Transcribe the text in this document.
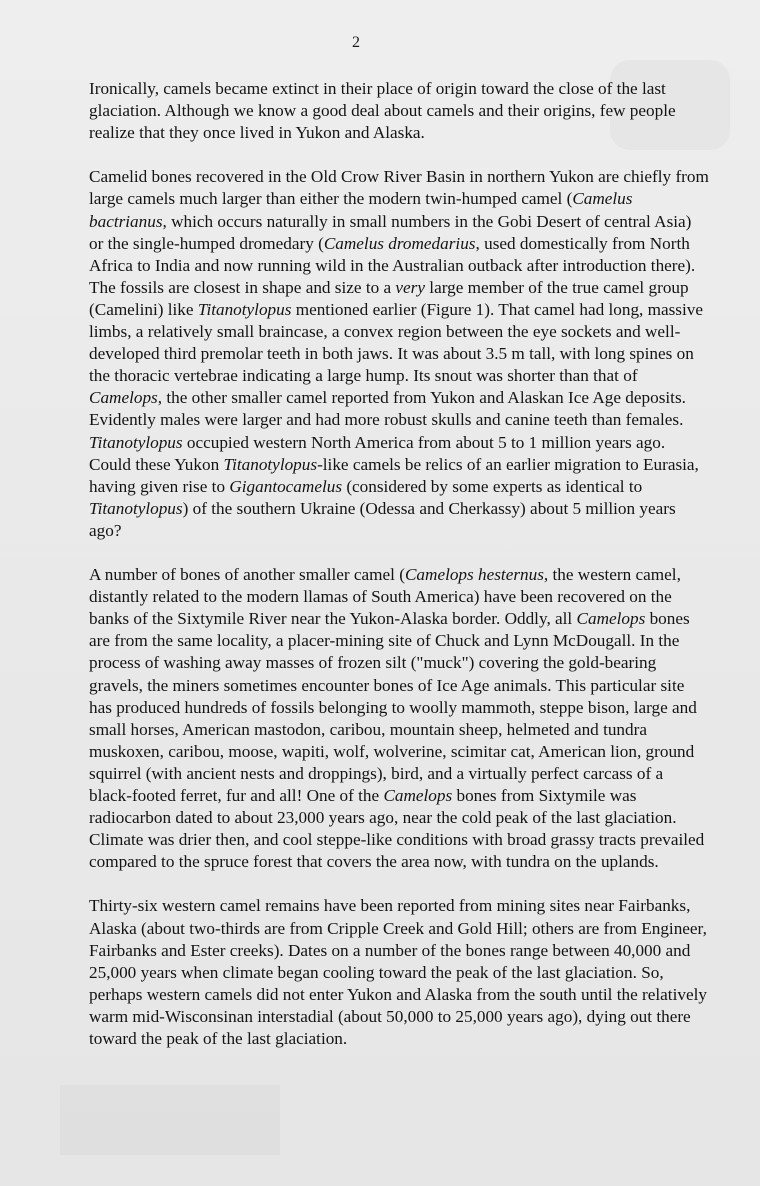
2

Ironically, camels became extinct in their place of origin toward the close of the last glaciation. Although we know a good deal about camels and their origins, few people realize that they once lived in Yukon and Alaska.

Camelid bones recovered in the Old Crow River Basin in northern Yukon are chiefly from large camels much larger than either the modern twin-humped camel (Camelus bactrianus, which occurs naturally in small numbers in the Gobi Desert of central Asia) or the single-humped dromedary (Camelus dromedarius, used domestically from North Africa to India and now running wild in the Australian outback after introduction there). The fossils are closest in shape and size to a very large member of the true camel group (Camelini) like Titanotylopus mentioned earlier (Figure 1). That camel had long, massive limbs, a relatively small braincase, a convex region between the eye sockets and well-developed third premolar teeth in both jaws. It was about 3.5 m tall, with long spines on the thoracic vertebrae indicating a large hump. Its snout was shorter than that of Camelops, the other smaller camel reported from Yukon and Alaskan Ice Age deposits. Evidently males were larger and had more robust skulls and canine teeth than females. Titanotylopus occupied western North America from about 5 to 1 million years ago. Could these Yukon Titanotylopus-like camels be relics of an earlier migration to Eurasia, having given rise to Gigantocamelus (considered by some experts as identical to Titanotylopus) of the southern Ukraine (Odessa and Cherkassy) about 5 million years ago?

A number of bones of another smaller camel (Camelops hesternus, the western camel, distantly related to the modern llamas of South America) have been recovered on the banks of the Sixtymile River near the Yukon-Alaska border. Oddly, all Camelops bones are from the same locality, a placer-mining site of Chuck and Lynn McDougall. In the process of washing away masses of frozen silt ("muck") covering the gold-bearing gravels, the miners sometimes encounter bones of Ice Age animals. This particular site has produced hundreds of fossils belonging to woolly mammoth, steppe bison, large and small horses, American mastodon, caribou, mountain sheep, helmeted and tundra muskoxen, caribou, moose, wapiti, wolf, wolverine, scimitar cat, American lion, ground squirrel (with ancient nests and droppings), bird, and a virtually perfect carcass of a black-footed ferret, fur and all! One of the Camelops bones from Sixtymile was radiocarbon dated to about 23,000 years ago, near the cold peak of the last glaciation. Climate was drier then, and cool steppe-like conditions with broad grassy tracts prevailed compared to the spruce forest that covers the area now, with tundra on the uplands.

Thirty-six western camel remains have been reported from mining sites near Fairbanks, Alaska (about two-thirds are from Cripple Creek and Gold Hill; others are from Engineer, Fairbanks and Ester creeks). Dates on a number of the bones range between 40,000 and 25,000 years when climate began cooling toward the peak of the last glaciation. So, perhaps western camels did not enter Yukon and Alaska from the south until the relatively warm mid-Wisconsinan interstadial (about 50,000 to 25,000 years ago), dying out there toward the peak of the last glaciation.
